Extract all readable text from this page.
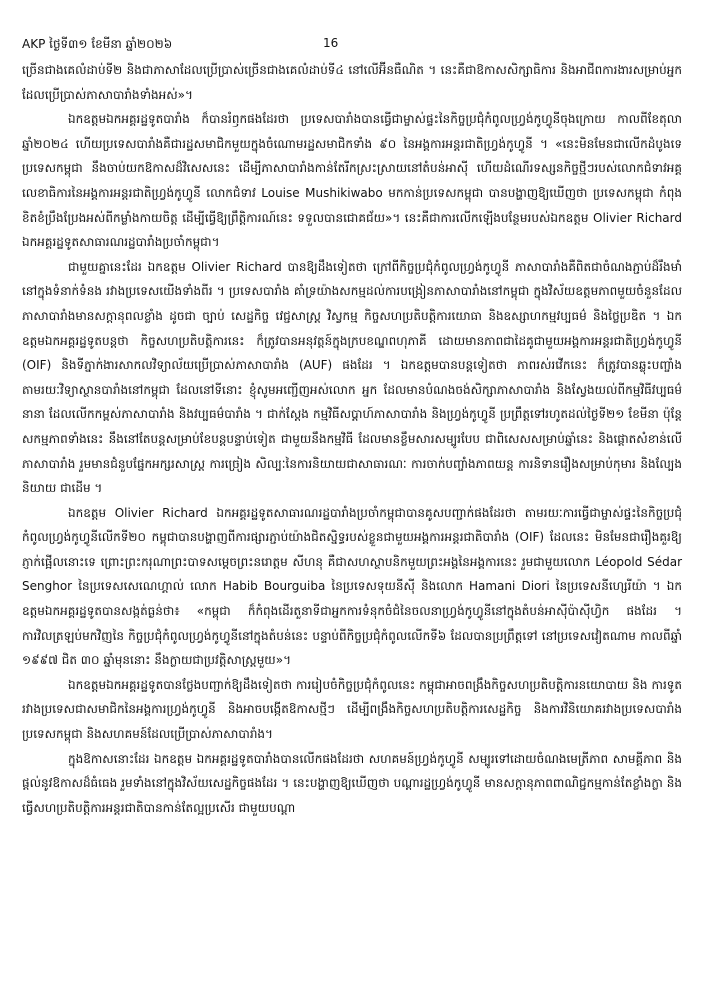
AKP ថ្ងៃទី៣១ ខែមីនា ឆ្នាំ២០២៦	16

ច្រើនជាងគេលំដាប់ទី២ និងជាភាសាដែលប្រើប្រាស់ច្រើនជាងគេលំដាប់ទី៤ នៅលើអ៊ីនធឺណិត ។ នេះគឺជាឱកាសសិក្សាធិការ និងអាជីពការងារសម្រាប់អ្នកដែលប្រើប្រាស់ភាសាបារាំងទាំងអស់»។

ឯកឧត្តមឯកអគ្គរដ្ឋទូតបារាំង ក៏បានរំឭកផងដែរថា ប្រទេសបារាំងបានធ្វើជាម្ចាស់ផ្ទះនៃកិច្ចប្រជុំកំពូលហ្វ្រង់កូហ្វូនីចុងក្រោយ កាលពីខែតុលា ឆ្នាំ២០២៤ ហើយប្រទេសបារាំងគឺជារដ្ឋសមាជិកមួយក្នុងចំណោមរដ្ឋសមាជិកទាំង ៩០ នៃអង្គការអន្តរជាតិហ្វ្រង់កូហ្វូនី ។ «នេះមិនមែនជាលើកដំបូងទេ ប្រទេសកម្ពុជា នឹងចាប់យកឱកាសដ៏វិសេសនេះ ដើម្បីភាសាបារាំងកាន់តែរីកស្រះស្រាយនៅតំបន់អាស៊ី ហើយដំណើរទស្សនកិច្ចថ្មីៗរបស់លោកជំទាវអគ្គលេខាធិការនៃអង្គការអន្តរជាតិហ្វ្រង់កូហ្វូនី លោកជំទាវ Louise Mushikiwabo មកកាន់ប្រទេសកម្ពុជា បានបង្ហាញឱ្យឃើញថា ប្រទេសកម្ពុជា កំពុងខិតខំប្រឹងប្រែងអស់ពីកម្លាំងកាយចិត្ត ដើម្បីធ្វើឱ្យព្រឹត្តិការណ៍នេះ ទទួលបានជោគជ័យ»។ នេះគឺជាការលើកឡើងបន្ថែមរបស់ឯកឧត្តម Olivier Richard ឯកអគ្គរដ្ឋទូតសាធារណរដ្ឋបារាំងប្រចាំកម្ពុជា។

ជាមួយគ្នានេះដែរ ឯកឧត្តម Olivier Richard បានឱ្យដឹងទៀតថា ក្រៅពីកិច្ចប្រជុំកំពូលហ្វ្រង់កូហ្វូនី ភាសាបារាំងគឺពិតជាចំណងភ្ជាប់ដ៏រឹងមាំនៅក្នុងទំនាក់ទំនង រវាងប្រទេសយើងទាំងពីរ ។ ប្រទេសបារាំង គាំទ្រយ៉ាងសកម្មដល់ការបង្រៀនភាសាបារាំងនៅកម្ពុជា ក្នុងវិស័យឧត្តមភាពមួយចំនួនដែលភាសាបារាំងមានសក្តានុពលខ្លាំង ដូចជា ច្បាប់ សេដ្ឋកិច្ច វេជ្ជសាស្ត្រ វិស្វកម្ម កិច្ចសហប្រតិបត្តិការយោធា និងឧស្សាហកម្មវប្បធម៌ និងថ្លៃប្រឌិត ។ ឯកឧត្តមឯកអគ្គរដ្ឋទូតបន្តថា កិច្ចសហប្រតិបត្តិការនេះ ក៏ត្រូវបានអនុវត្តន៍ក្នុងក្របខណ្ឌពហុភាគី ដោយមានភាពជាដៃគូជាមួយអង្គការអន្តរជាតិហ្វ្រង់កូហ្វូនី (OIF) និងទីភ្នាក់ងារសាកលវិទ្យាល័យប្រើប្រាស់ភាសាបារាំង (AUF) ផងដែរ ។ ឯកឧត្តមបានបន្តទៀតថា ភាពរស់រវើកនេះ ក៏ត្រូវបានឆ្លុះបញ្ចាំងតាមរយៈវិទ្យាស្ថានបារាំងនៅកម្ពុជា ដែលនៅទីនោះ ខ្ញុំសូមអញ្ជើញអស់លោក អ្នក ដែលមានបំណងចង់សិក្សាភាសាបារាំង និងស្វែងយល់ពីកម្មវិធីវប្បធម៌នានា ដែលលើកកម្ពស់ភាសាបារាំង និងវប្បធម៌បារាំង ។ ជាក់ស្តែង កម្មវិធីសប្តាហ៍ភាសាបារាំង និងហ្វ្រង់កូហ្វូនី ប្រព្រឹត្តទៅរហូតដល់ថ្ងៃទី២១ ខែមីនា ប៉ុន្តែសកម្មភាពទាំងនេះ នឹងនៅតែបន្តសម្រាប់ខែបន្តបន្ទាប់ទៀត ជាមួយនឹងកម្មវិធី ដែលមានខ្លឹមសារសម្បូរបែប ជាពិសេសសម្រាប់ឆ្នាំនេះ និងផ្តោតសំខាន់លើភាសាបារាំង រួមមានជំនួបផ្នែកអក្សរសាស្ត្រ ការច្រៀង សិល្បៈនៃការនិយាយជាសាធារណៈ ការចាក់បញ្ចាំងភាពយន្ត ការនិទានរឿងសម្រាប់កុមារ និងល្បែងនិយាយ ជាដើម ។

ឯកឧត្តម Olivier Richard ឯកអគ្គរដ្ឋទូតសាធារណរដ្ឋបារាំងប្រចាំកម្ពុជាបានគូសបញ្ជាក់ផងដែរថា តាមរយៈការធ្វើជាម្ចាស់ផ្ទះនៃកិច្ចប្រជុំកំពូលហ្វ្រង់កូហ្វូនីលើកទី២០ កម្ពុជាបានបង្ហាញពីការផ្សារភ្ជាប់យ៉ាងជិតស្និទ្ធរបស់ខ្លួនជាមួយអង្គការអន្តរជាតិបារាំង (OIF) ដែលនេះ មិនមែនជារឿងគួរឱ្យភ្ញាក់ផ្អើលនោះទេ ព្រោះព្រះករុណាព្រះបាទសម្តេចព្រះនរោត្តម សីហនុ គឺជាសហស្ថាបនិកមួយព្រះអង្គនៃអង្គការនេះ រួមជាមួយលោក Léopold Sédar Senghor នៃប្រទេសសេណេហ្គាល់ លោក Habib Bourguiba នៃប្រទេសទុយនីស៊ី និងលោក Hamani Diori នៃប្រទេសនីហ្សេរីយ៉ា ។ ឯកឧត្តមឯកអគ្គរដ្ឋទូតបានសង្កត់ធ្ងន់ថា៖ «កម្ពុជា ក៏កំពុងដើរតួនាទីជាអ្នកការទំនុកចំជំនៃចលនាហ្វ្រង់កូហ្វូនីនៅក្នុងតំបន់អាស៊ីប៉ាស៊ីហ្វិក ផងដែរ ។ ការវិលត្រឡប់មកវិញនៃ កិច្ចប្រជុំកំពូលហ្វ្រង់កូហ្វូនីនៅក្នុងតំបន់នេះ បន្ទាប់ពីកិច្ចប្រជុំកំពូលលើកទី៦ ដែលបានប្រព្រឹត្តទៅ នៅប្រទេសវៀតណាម កាលពីឆ្នាំ ១៩៩៧ ជិត ៣០ ឆ្នាំមុននោះ នឹងក្លាយជាប្រវត្តិសាស្ត្រមួយ»។

ឯកឧត្តមឯកអគ្គរដ្ឋទូតបានថ្លែងបញ្ជាក់ឱ្យដឹងទៀតថា ការរៀបចំកិច្ចប្រជុំកំពូលនេះ កម្ពុជាអាចពង្រឹងកិច្ចសហប្រតិបត្តិការនយោបាយ និង ការទូតរវាងប្រទេសជាសមាជិកនៃអង្គការហ្វ្រង់កូហ្វូនី និងអាចបង្កើតឱកាសថ្មីៗ ដើម្បីពង្រឹងកិច្ចសហប្រតិបត្តិការសេដ្ឋកិច្ច និងការវិនិយោគរវាងប្រទេសបារាំង ប្រទេសកម្ពុជា និងសហគមន៍ដែលប្រើប្រាស់ភាសាបារាំង។

ក្នុងឱកាសនោះដែរ ឯកឧត្តម ឯកអគ្គរដ្ឋទូតបារាំងបានលើកផងដែរថា សហគមន៍ហ្វ្រង់កូហ្វូនី សម្បូរទៅដោយចំណងមេត្រីភាព សាមគ្គីភាព និងផ្តល់នូវឱកាសដ៏ធំធេង រួមទាំងនៅក្នុងវិស័យសេដ្ឋកិច្ចផងដែរ ។ នេះបង្ហាញឱ្យឃើញថា បណ្តារដ្ឋហ្វ្រង់កូហ្វូនី មានសក្តានុភាពពាណិជ្ជកម្មកាន់តែខ្លាំងក្លា និងធ្វើសហប្រតិបត្តិការអន្តរជាតិបានកាន់តែល្អប្រសើរ ជាមួយបណ្តា
